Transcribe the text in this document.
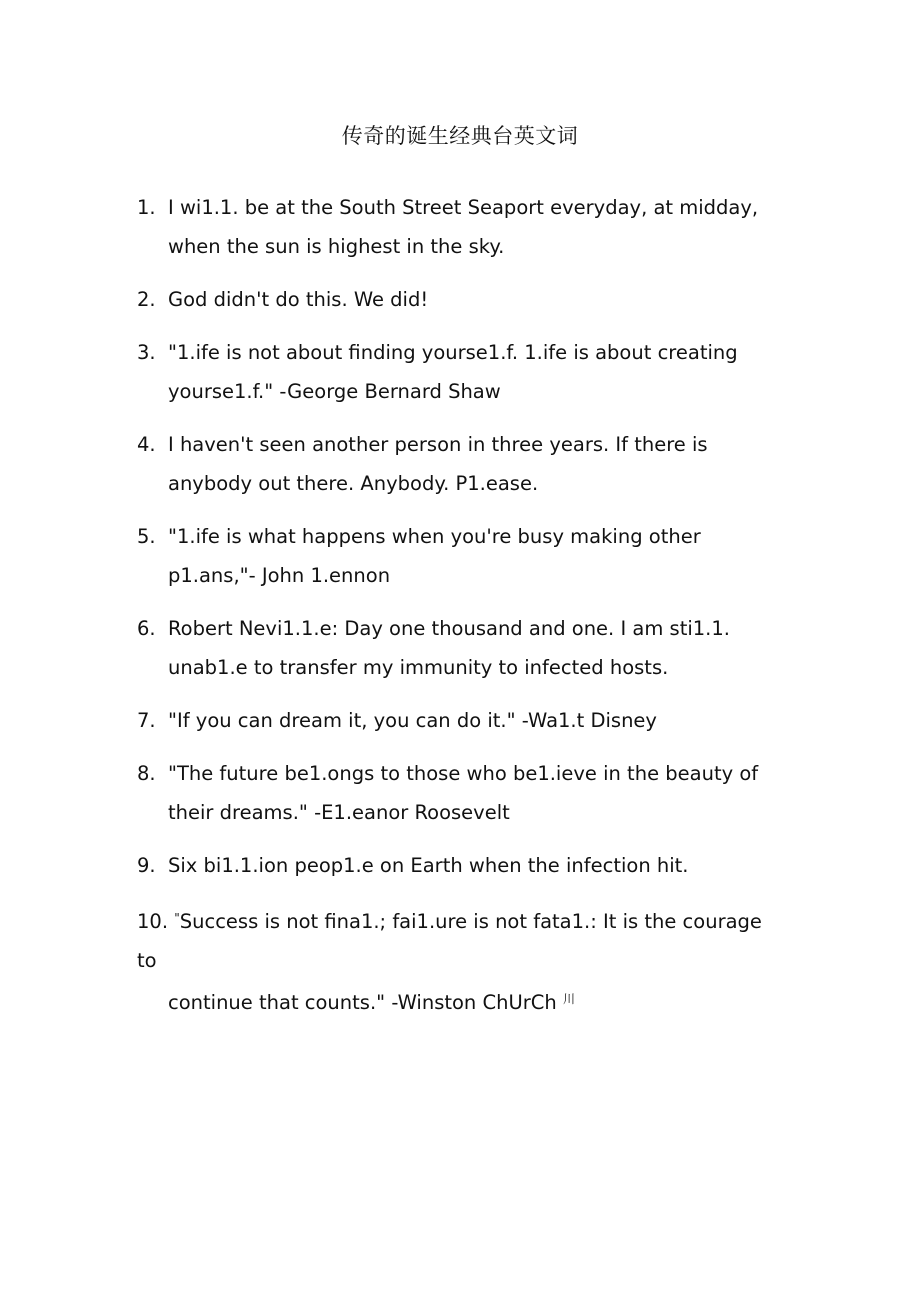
传奇的诞生经典台英文词
1. I wi1.1. be at the South Street Seaport everyday, at midday, when the sun is highest in the sky.
2. God didn't do this. We did!
3. "1.ife is not about finding yourse1.f. 1.ife is about creating yourse1.f." -George Bernard Shaw
4. I haven't seen another person in three years. If there is anybody out there. Anybody. P1.ease.
5. "1.ife is what happens when you're busy making other p1.ans,"- John 1.ennon
6. Robert Nevi1.1.e: Day one thousand and one. I am sti1.1. unab1.e to transfer my immunity to infected hosts.
7. "If you can dream it, you can do it." -Wa1.t Disney
8. "The future be1.ongs to those who be1.ieve in the beauty of their dreams." -E1.eanor Roosevelt
9. Six bi1.1.ion peop1.e on Earth when the infection hit.
10. "Success is not fina1.; fai1.ure is not fata1.: It is the courage to
continue that counts." -Winston ChUrCh $^川$
